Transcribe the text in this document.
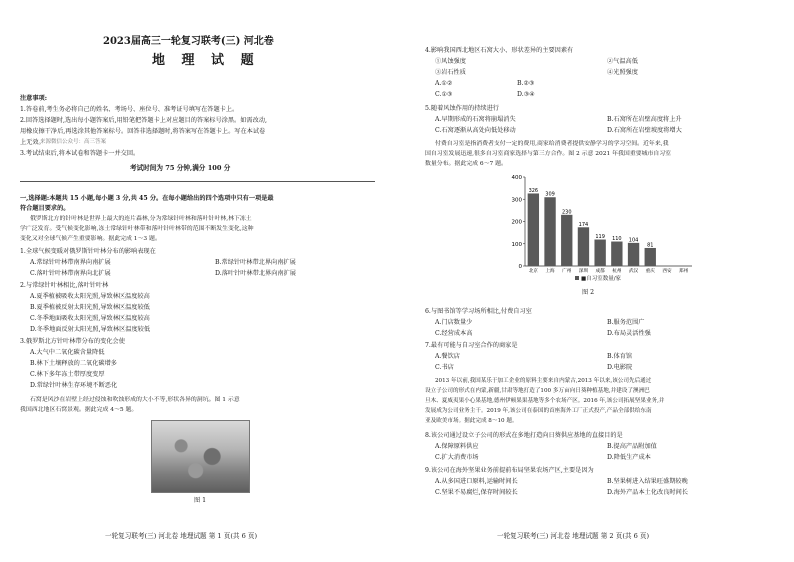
2023届高三一轮复习联考(三) 河北卷
地 理 试 题
注意事项:
1.答卷前,考生务必将自己的姓名、考场号、座位号、准考证号填写在答题卡上。
2.回答选择题时,选出每小题答案后,用铅笔把答题卡上对应题目的答案标号涂黑。如需改动,
用橡皮擦干净后,再选涂其他答案标号。回答非选择题时,将答案写在答题卡上。写在本试卷
上无效。
来源微信公众号：高三答案
3.考试结束后,将本试卷和答题卡一并交回。
考试时间为 75 分钟,满分 100 分
一,选择题:本题共 15 小题,每小题 3 分,共 45 分。在每小题给出的四个选项中只有一项是最
符合题目要求的。
俄罗斯北方的针叶林是世界上最大的连片森林,分为常绿针叶林和落叶针叶林,林下冻土
学广泛发育。受气候变化影响,冻土常绿针叶林带和落叶针叶林带的范围不断发生变化,这种
变化又对全球气候产生重要影响。据此完成 1～3 题。
1.全球气候变暖对俄罗斯针叶林分布的影响表现在
A.常绿针叶林带南界向南扩展	B.常绿针叶林带北界向南扩展
C.落叶针叶林带南界向北扩展	D.落叶针叶林带北界向南扩展
2.与常绿针叶林相比,落叶针叶林
A.夏季植被吸收太阳光照,导致林区温度较高
B.夏季植被反射太阳光照,导致林区温度较低
C.冬季地面吸收太阳光照,导致林区温度较高
D.冬季地面反射太阳光照,导致林区温度较低
3.俄罗斯北方针叶林带分布的变化会使
A.大气中二氧化碳含量降低
B.林下土壤释放的二氧化碳增多
C.林下多年冻土带厚度变厚
D.常绿针叶林生存环境不断恶化
石窝是风沙在岩壁上经过侵蚀和吹蚀形成的大小不等,形状各异的洞坑。图 1 示意
我国西北地区石窝景观。据此完成 4～5 题。
图 1
一轮复习联考(三) 河北卷 地理试题 第 1 页(共 6 页)
4.影响我国西北地区石窝大小、形状差异的主要因素有
①风蚀强度	②气温高低
③岩石性质	④光照强度
A.①②	B.②③
C.①③	D.③④
5.随着风蚀作用的持续进行
A.早期形成的石窝将崩塌消失	B.石窝所在岩壁高度将上升
C.石窝逐渐从高处向低处移动	D.石窝所在岩壁坡度将增大
付费自习室是指消费者支付一定的费用,商家给消费者提供安静学习的学习空间。近年来,我
国自习室发展迅速,很多自习室商家选择与第三方合作。图 2 示意 2021 年我国重要城市自习室
数量分布。据此完成 6～7 题。
0
100
200
300
400
326
309
230
174
119 110 104
81
北京 上海 广州 深圳 成都 杭州 武汉 重庆 西安 郑州
■自习室数量/家
图 2
6.与图书馆等学习场所相比,付费自习室
A.门店数量少	B.服务范围广
C.经营成本高	D.布局灵活性强
7.最有可能与自习室合作的商家是
A.餐饮店	B.体育馆
C.书店	D.电影院
2013 年以前,我国某乐于加工企业的原料主要来自内蒙古,2013 年以来,该公司先后通过
设立子公司的形式在内蒙,新疆,甘肃等地打造了100 多万亩向日葵种植基地,并建设了澳洲巴
旦木、夏威夷果小心果基地,德州伊顿果果基地等多个农场产区。2016 年,该公司拓展坚果业务,并
发展成为公司业务主干。2019 年,该公司在泰国的首座海外工厂正式投产,产品全部供给东南
亚及欧美市场。据此完成 8～10 题。
8.该公司通过设立子公司的形式在多地打造向日葵供应基地的直接目的是
A.保障原料供应	B.提高产品附加值
C.扩大消费市场	D.降低生产成本
9.该公司在海外坚果业务前提前布局坚果农场产区,主要是因为
A.从多国进口原料,运输时间长	B.坚果树进入结果旺盛期较晚
C.坚果不易腐烂,保存时间较长	D.海外产品本土化改良时间长
一轮复习联考(三) 河北卷 地理试题 第 2 页(共 6 页)
